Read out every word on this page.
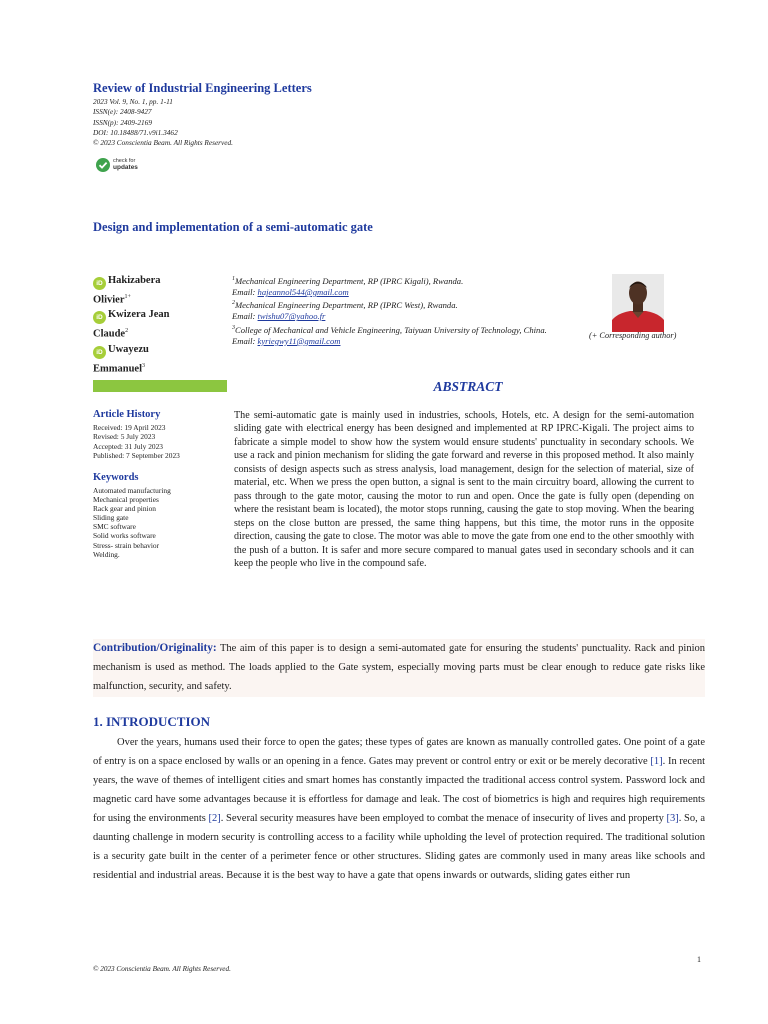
Review of Industrial Engineering Letters
2023 Vol. 9, No. 1, pp. 1-11
ISSN(e): 2408-9427
ISSN(p): 2409-2169
DOI: 10.18488/71.v9i1.3462
© 2023 Conscientia Beam. All Rights Reserved.
check for
updates
Design and implementation of a semi-automatic gate
iD Hakizabera
Olivier$^{1+}$
iD Kwizera Jean
Claude$^2$
iD Uwayezu
Emmanuel$^3$
$^1$Mechanical Engineering Department, RP (IPRC Kigali), Rwanda.
Email: hajeannol544@gmail.com
$^2$Mechanical Engineering Department, RP (IPRC West), Rwanda.
Email: twishu07@yahoo.fr
$^3$College of Mechanical and Vehicle Engineering, Taiyuan University of Technology, China.
Email: kyriegwy11@gmail.com
(+ Corresponding author)
ABSTRACT
The semi-automatic gate is mainly used in industries, schools, Hotels, etc. A design for the semi-automation sliding gate with electrical energy has been designed and implemented at RP IPRC-Kigali. The project aims to fabricate a simple model to show how the system would ensure students' punctuality in secondary schools. We use a rack and pinion mechanism for sliding the gate forward and reverse in this proposed method. It also mainly consists of design aspects such as stress analysis, load management, design for the selection of material, size of material, etc. When we press the open button, a signal is sent to the main circuitry board, allowing the current to pass through to the gate motor, causing the motor to run and open. Once the gate is fully open (depending on where the resistant beam is located), the motor stops running, causing the gate to stop moving. When the bearing steps on the close button are pressed, the same thing happens, but this time, the motor runs in the opposite direction, causing the gate to close. The motor was able to move the gate from one end to the other smoothly with the push of a button. It is safer and more secure compared to manual gates used in secondary schools and it can keep the people who live in the compound safe.
Article History
Received: 19 April 2023
Revised: 5 July 2023
Accepted: 31 July 2023
Published: 7 September 2023
Keywords
Automated manufacturing
Mechanical properties
Rack gear and pinion
Sliding gate
SMC software
Solid works software
Stress- strain behavior
Welding.
Contribution/Originality: The aim of this paper is to design a semi-automated gate for ensuring the students' punctuality. Rack and pinion mechanism is used as method. The loads applied to the Gate system, especially moving parts must be clear enough to reduce gate risks like malfunction, security, and safety.
1. INTRODUCTION
Over the years, humans used their force to open the gates; these types of gates are known as manually controlled gates. One point of a gate of entry is on a space enclosed by walls or an opening in a fence. Gates may prevent or control entry or exit or be merely decorative [1]. In recent years, the wave of themes of intelligent cities and smart homes has constantly impacted the traditional access control system. Password lock and magnetic card have some advantages because it is effortless for damage and leak. The cost of biometrics is high and requires high requirements for using the environments [2]. Several security measures have been employed to combat the menace of insecurity of lives and property [3]. So, a daunting challenge in modern security is controlling access to a facility while upholding the level of protection required. The traditional solution is a security gate built in the center of a perimeter fence or other structures. Sliding gates are commonly used in many areas like schools and residential and industrial areas. Because it is the best way to have a gate that opens inwards or outwards, sliding gates either run
1
© 2023 Conscientia Beam. All Rights Reserved.
